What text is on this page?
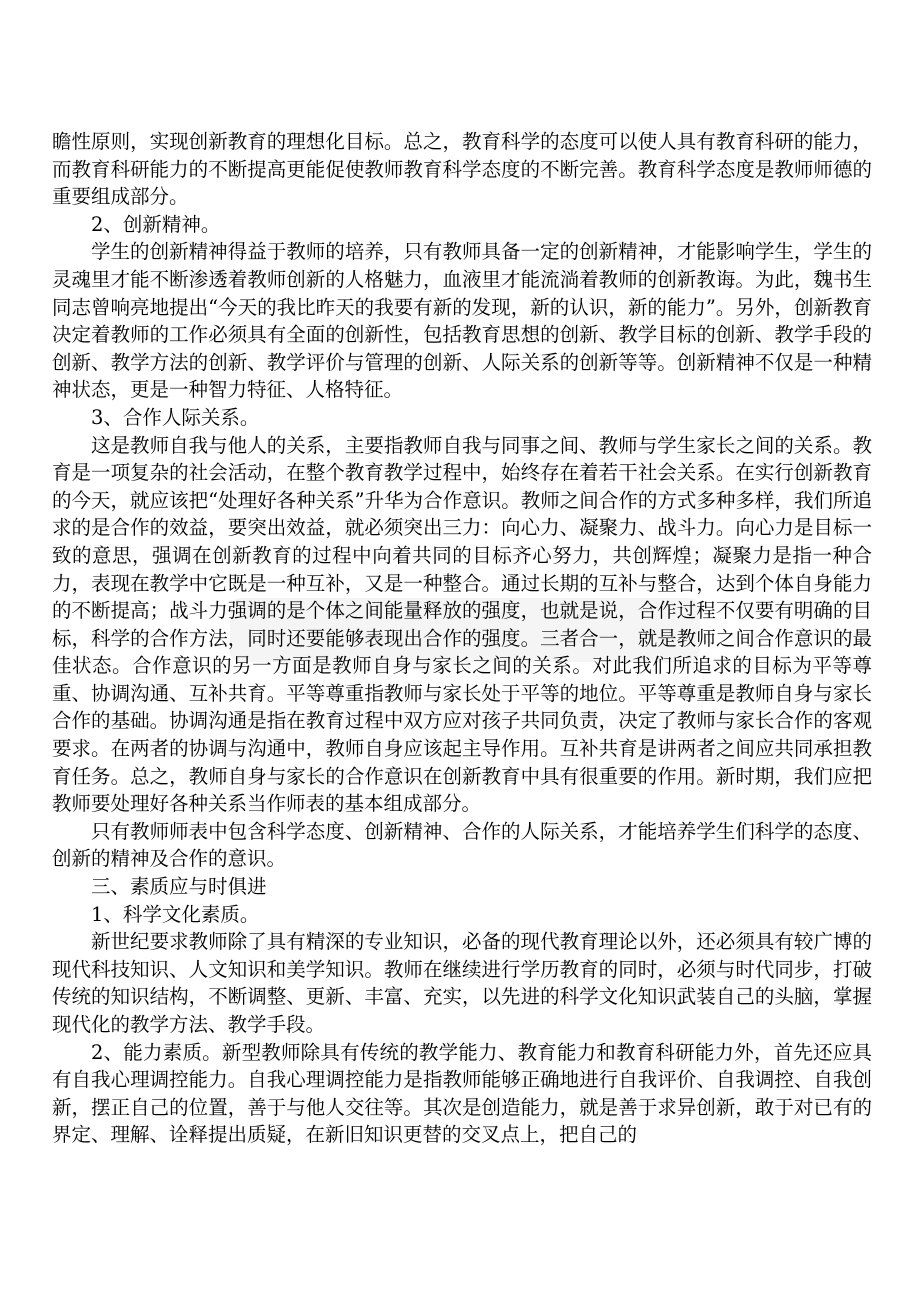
瞻性原则，实现创新教育的理想化目标。总之，教育科学的态度可以使人具有教育科研的能力，而教育科研能力的不断提高更能促使教师教育科学态度的不断完善。教育科学态度是教师师德的重要组成部分。

2、创新精神。

学生的创新精神得益于教师的培养，只有教师具备一定的创新精神，才能影响学生，学生的灵魂里才能不断渗透着教师创新的人格魅力，血液里才能流淌着教师的创新教诲。为此，魏书生同志曾响亮地提出“今天的我比昨天的我要有新的发现，新的认识，新的能力”。另外，创新教育决定着教师的工作必须具有全面的创新性，包括教育思想的创新、教学目标的创新、教学手段的创新、教学方法的创新、教学评价与管理的创新、人际关系的创新等等。创新精神不仅是一种精神状态，更是一种智力特征、人格特征。

3、合作人际关系。

这是教师自我与他人的关系，主要指教师自我与同事之间、教师与学生家长之间的关系。教育是一项复杂的社会活动，在整个教育教学过程中，始终存在着若干社会关系。在实行创新教育的今天，就应该把“处理好各种关系”升华为合作意识。教师之间合作的方式多种多样，我们所追求的是合作的效益，要突出效益，就必须突出三力：向心力、凝聚力、战斗力。向心力是目标一致的意思，强调在创新教育的过程中向着共同的目标齐心努力，共创辉煌；凝聚力是指一种合力，表现在教学中它既是一种互补，又是一种整合。通过长期的互补与整合，达到个体自身能力的不断提高；战斗力强调的是个体之间能量释放的强度，也就是说，合作过程不仅要有明确的目标，科学的合作方法，同时还要能够表现出合作的强度。三者合一，就是教师之间合作意识的最佳状态。合作意识的另一方面是教师自身与家长之间的关系。对此我们所追求的目标为平等尊重、协调沟通、互补共育。平等尊重指教师与家长处于平等的地位。平等尊重是教师自身与家长合作的基础。协调沟通是指在教育过程中双方应对孩子共同负责，决定了教师与家长合作的客观要求。在两者的协调与沟通中，教师自身应该起主导作用。互补共育是讲两者之间应共同承担教育任务。总之，教师自身与家长的合作意识在创新教育中具有很重要的作用。新时期，我们应把教师要处理好各种关系当作师表的基本组成部分。

只有教师师表中包含科学态度、创新精神、合作的人际关系，才能培养学生们科学的态度、创新的精神及合作的意识。

三、素质应与时俱进

1、科学文化素质。

新世纪要求教师除了具有精深的专业知识，必备的现代教育理论以外，还必须具有较广博的现代科技知识、人文知识和美学知识。教师在继续进行学历教育的同时，必须与时代同步，打破传统的知识结构，不断调整、更新、丰富、充实，以先进的科学文化知识武装自己的头脑，掌握现代化的教学方法、教学手段。

2、能力素质。新型教师除具有传统的教学能力、教育能力和教育科研能力外，首先还应具有自我心理调控能力。自我心理调控能力是指教师能够正确地进行自我评价、自我调控、自我创新，摆正自己的位置，善于与他人交往等。其次是创造能力，就是善于求异创新，敢于对已有的界定、理解、诠释提出质疑，在新旧知识更替的交叉点上，把自己的
